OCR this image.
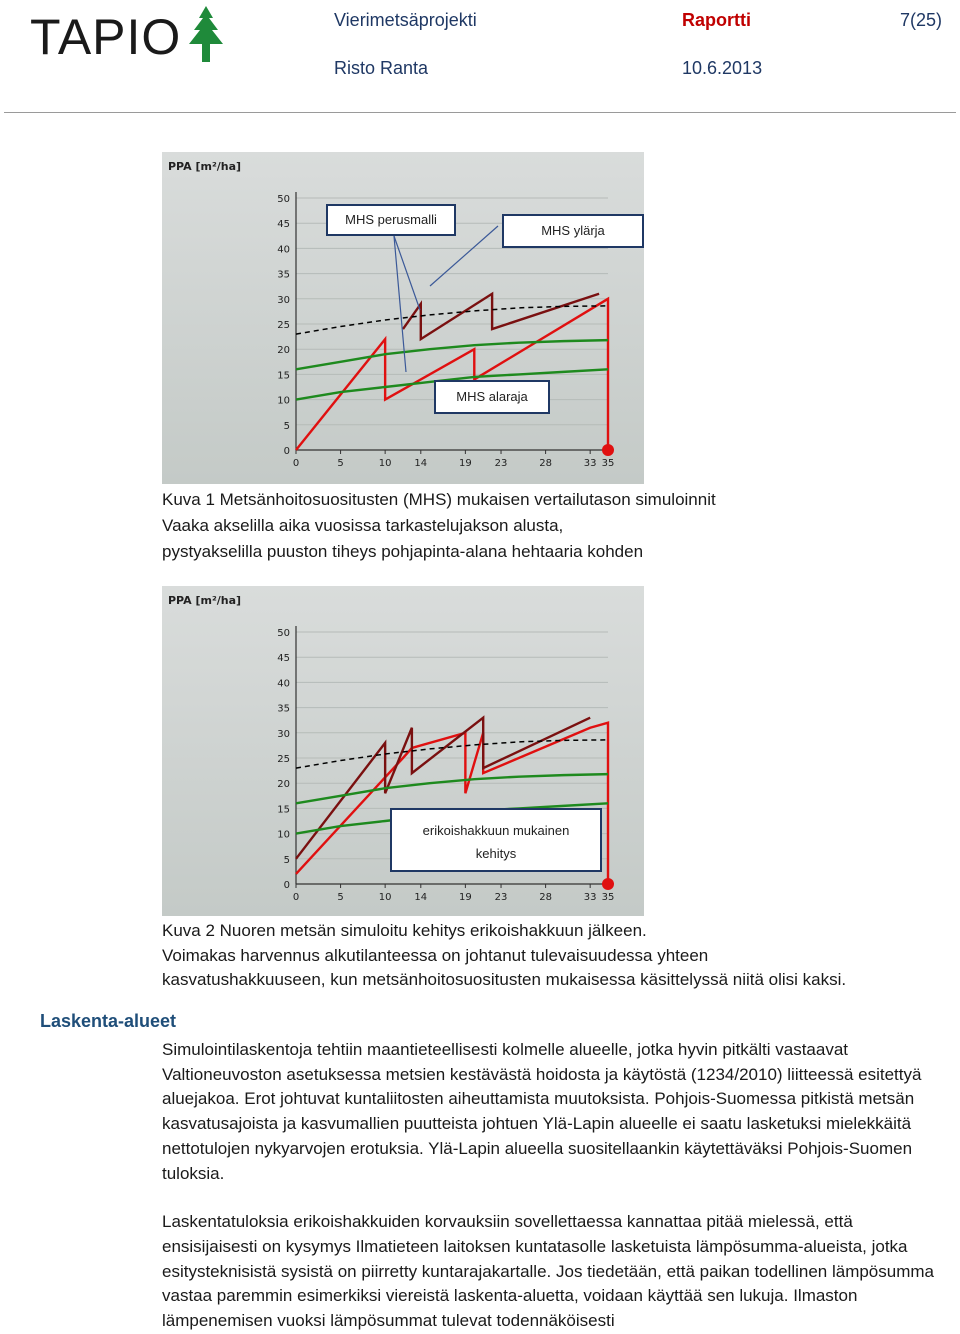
TAPIO	Vierimetsäprojekti	Raportti	7(25)
Risto Ranta	10.6.2013
PPA [m²/ha]
0
5
10
15
20
25
30
35
40
45
50
0	5	10 14	19 23	28	33 35
MHS perusmalli
MHS ylärja
MHS alaraja
Kuva 1 Metsänhoitosuositusten (MHS) mukaisen vertailutason simuloinnit
Vaaka akselilla aika vuosissa tarkastelujakson alusta,
pystyakselilla puuston tiheys pohjapinta-alana hehtaaria kohden
PPA [m²/ha]
0
5
10
15
20
25
30
35
40
45
50
0	5	10 14	19 23	28	33 35
erikoishakkuun mukainen
kehitys
Kuva 2 Nuoren metsän simuloitu kehitys erikoishakkuun jälkeen.
Voimakas harvennus alkutilanteessa on johtanut tulevaisuudessa yhteen
kasvatushakkuuseen, kun metsänhoitosuositusten mukaisessa käsittelyssä niitä olisi kaksi.
Laskenta-alueet

Simulointilaskentoja tehtiin maantieteellisesti kolmelle alueelle, jotka hyvin pitkälti vastaavat Valtioneuvoston asetuksessa metsien kestävästä hoidosta ja käytöstä (1234/2010) liitteessä esitettyä aluejakoa. Erot johtuvat kuntaliitosten aiheuttamista muutoksista. Pohjois-Suomessa pitkistä metsän kasvatusajoista ja kasvumallien puutteista johtuen Ylä-Lapin alueelle ei saatu lasketuksi mielekkäitä nettotulojen nykyarvojen erotuksia. Ylä-Lapin alueella suositellaankin käytettäväksi Pohjois-Suomen tuloksia.

Laskentatuloksia erikoishakkuiden korvauksiin sovellettaessa kannattaa pitää mielessä, että ensisijaisesti on kysymys Ilmatieteen laitoksen kuntatasolle lasketuista lämpösumma-alueista, jotka esitysteknisistä sysistä on piirretty kuntarajakartalle. Jos tiedetään, että paikan todellinen lämpösumma vastaa paremmin esimerkiksi viereistä laskenta-aluetta, voidaan käyttää sen lukuja. Ilmaston lämpenemisen vuoksi lämpösummat tulevat todennäköisesti
